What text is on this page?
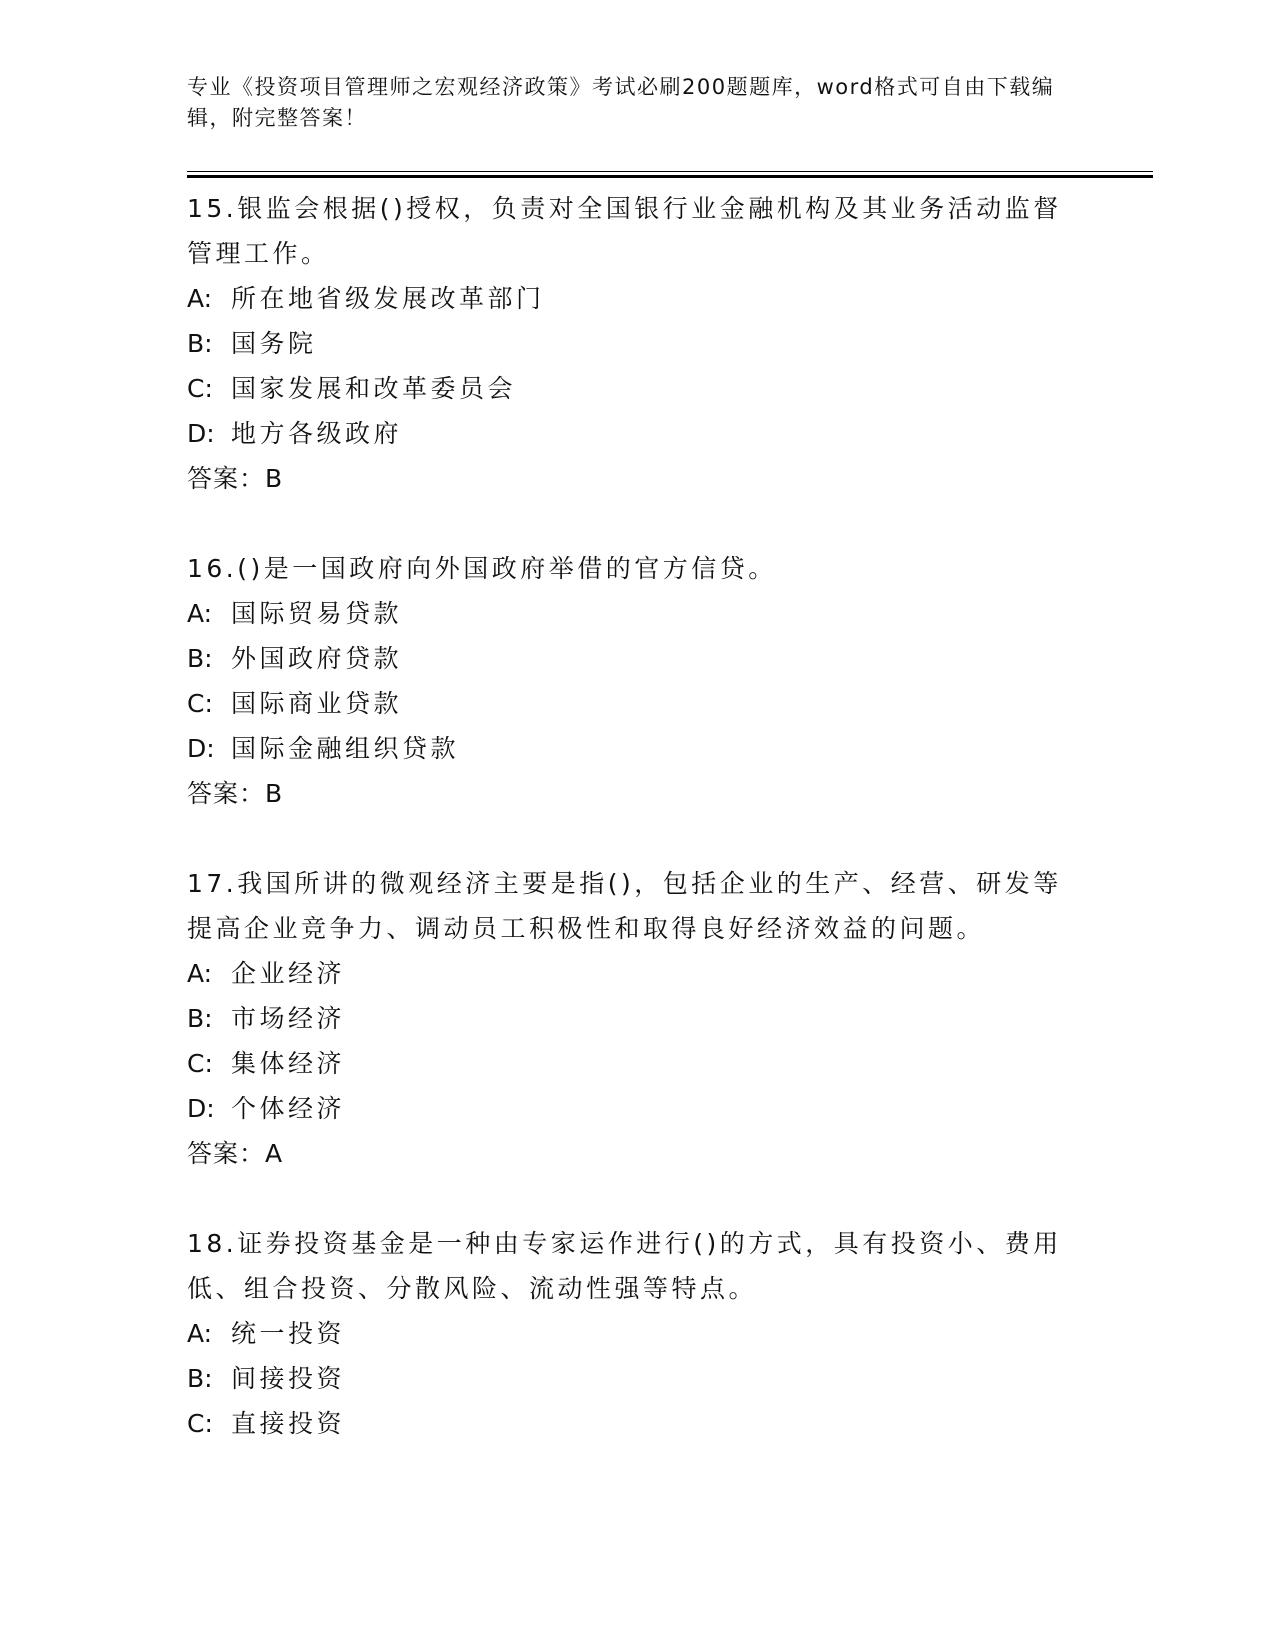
专业《投资项目管理师之宏观经济政策》考试必刷200题题库，word格式可自由下载编辑，附完整答案！

15.银监会根据()授权，负责对全国银行业金融机构及其业务活动监督管理工作。

A: 所在地省级发展改革部门

B: 国务院

C: 国家发展和改革委员会

D: 地方各级政府

答案：B

16.()是一国政府向外国政府举借的官方信贷。

A: 国际贸易贷款

B: 外国政府贷款

C: 国际商业贷款

D: 国际金融组织贷款

答案：B

17.我国所讲的微观经济主要是指()，包括企业的生产、经营、研发等提高企业竞争力、调动员工积极性和取得良好经济效益的问题。

A: 企业经济

B: 市场经济

C: 集体经济

D: 个体经济

答案：A

18.证券投资基金是一种由专家运作进行()的方式，具有投资小、费用低、组合投资、分散风险、流动性强等特点。

A: 统一投资

B: 间接投资

C: 直接投资
